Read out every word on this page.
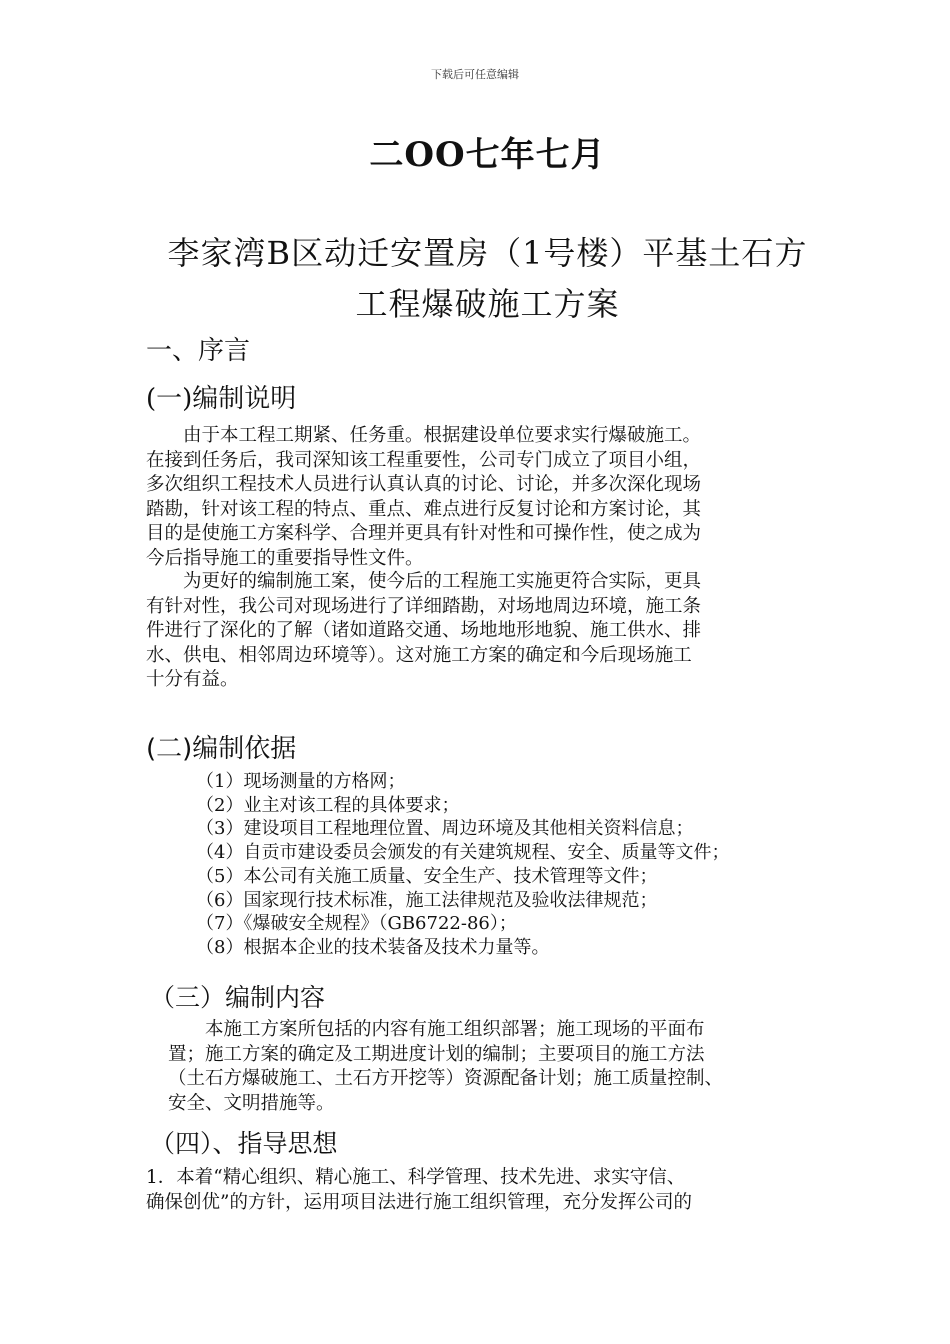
下载后可任意编辑
二OO七年七月
李家湾B区动迁安置房（1号楼）平基土石方
工程爆破施工方案
一、序言
(一)编制说明
　　由于本工程工期紧、任务重。根据建设单位要求实行爆破施工。
在接到任务后，我司深知该工程重要性，公司专门成立了项目小组，
多次组织工程技术人员进行认真认真的讨论、讨论，并多次深化现场
踏勘，针对该工程的特点、重点、难点进行反复讨论和方案讨论，其
目的是使施工方案科学、合理并更具有针对性和可操作性，使之成为
今后指导施工的重要指导性文件。
　　为更好的编制施工案，使今后的工程施工实施更符合实际，更具
有针对性，我公司对现场进行了详细踏勘，对场地周边环境，施工条
件进行了深化的了解（诸如道路交通、场地地形地貌、施工供水、排
水、供电、相邻周边环境等）。这对施工方案的确定和今后现场施工
十分有益。
(二)编制依据
（1）现场测量的方格网；
（2）业主对该工程的具体要求；
（3）建设项目工程地理位置、周边环境及其他相关资料信息；
（4）自贡市建设委员会颁发的有关建筑规程、安全、质量等文件；
（5）本公司有关施工质量、安全生产、技术管理等文件；
（6）国家现行技术标准，施工法律规范及验收法律规范；
（7）《爆破安全规程》（GB6722-86）；
（8）根据本企业的技术装备及技术力量等。
（三）编制内容
　　本施工方案所包括的内容有施工组织部署；施工现场的平面布
置；施工方案的确定及工期进度计划的编制；主要项目的施工方法
（土石方爆破施工、土石方开挖等）资源配备计划；施工质量控制、
安全、文明措施等。
（四）、指导思想
1．本着“精心组织、精心施工、科学管理、技术先进、求实守信、
确保创优”的方针，运用项目法进行施工组织管理，充分发挥公司的
